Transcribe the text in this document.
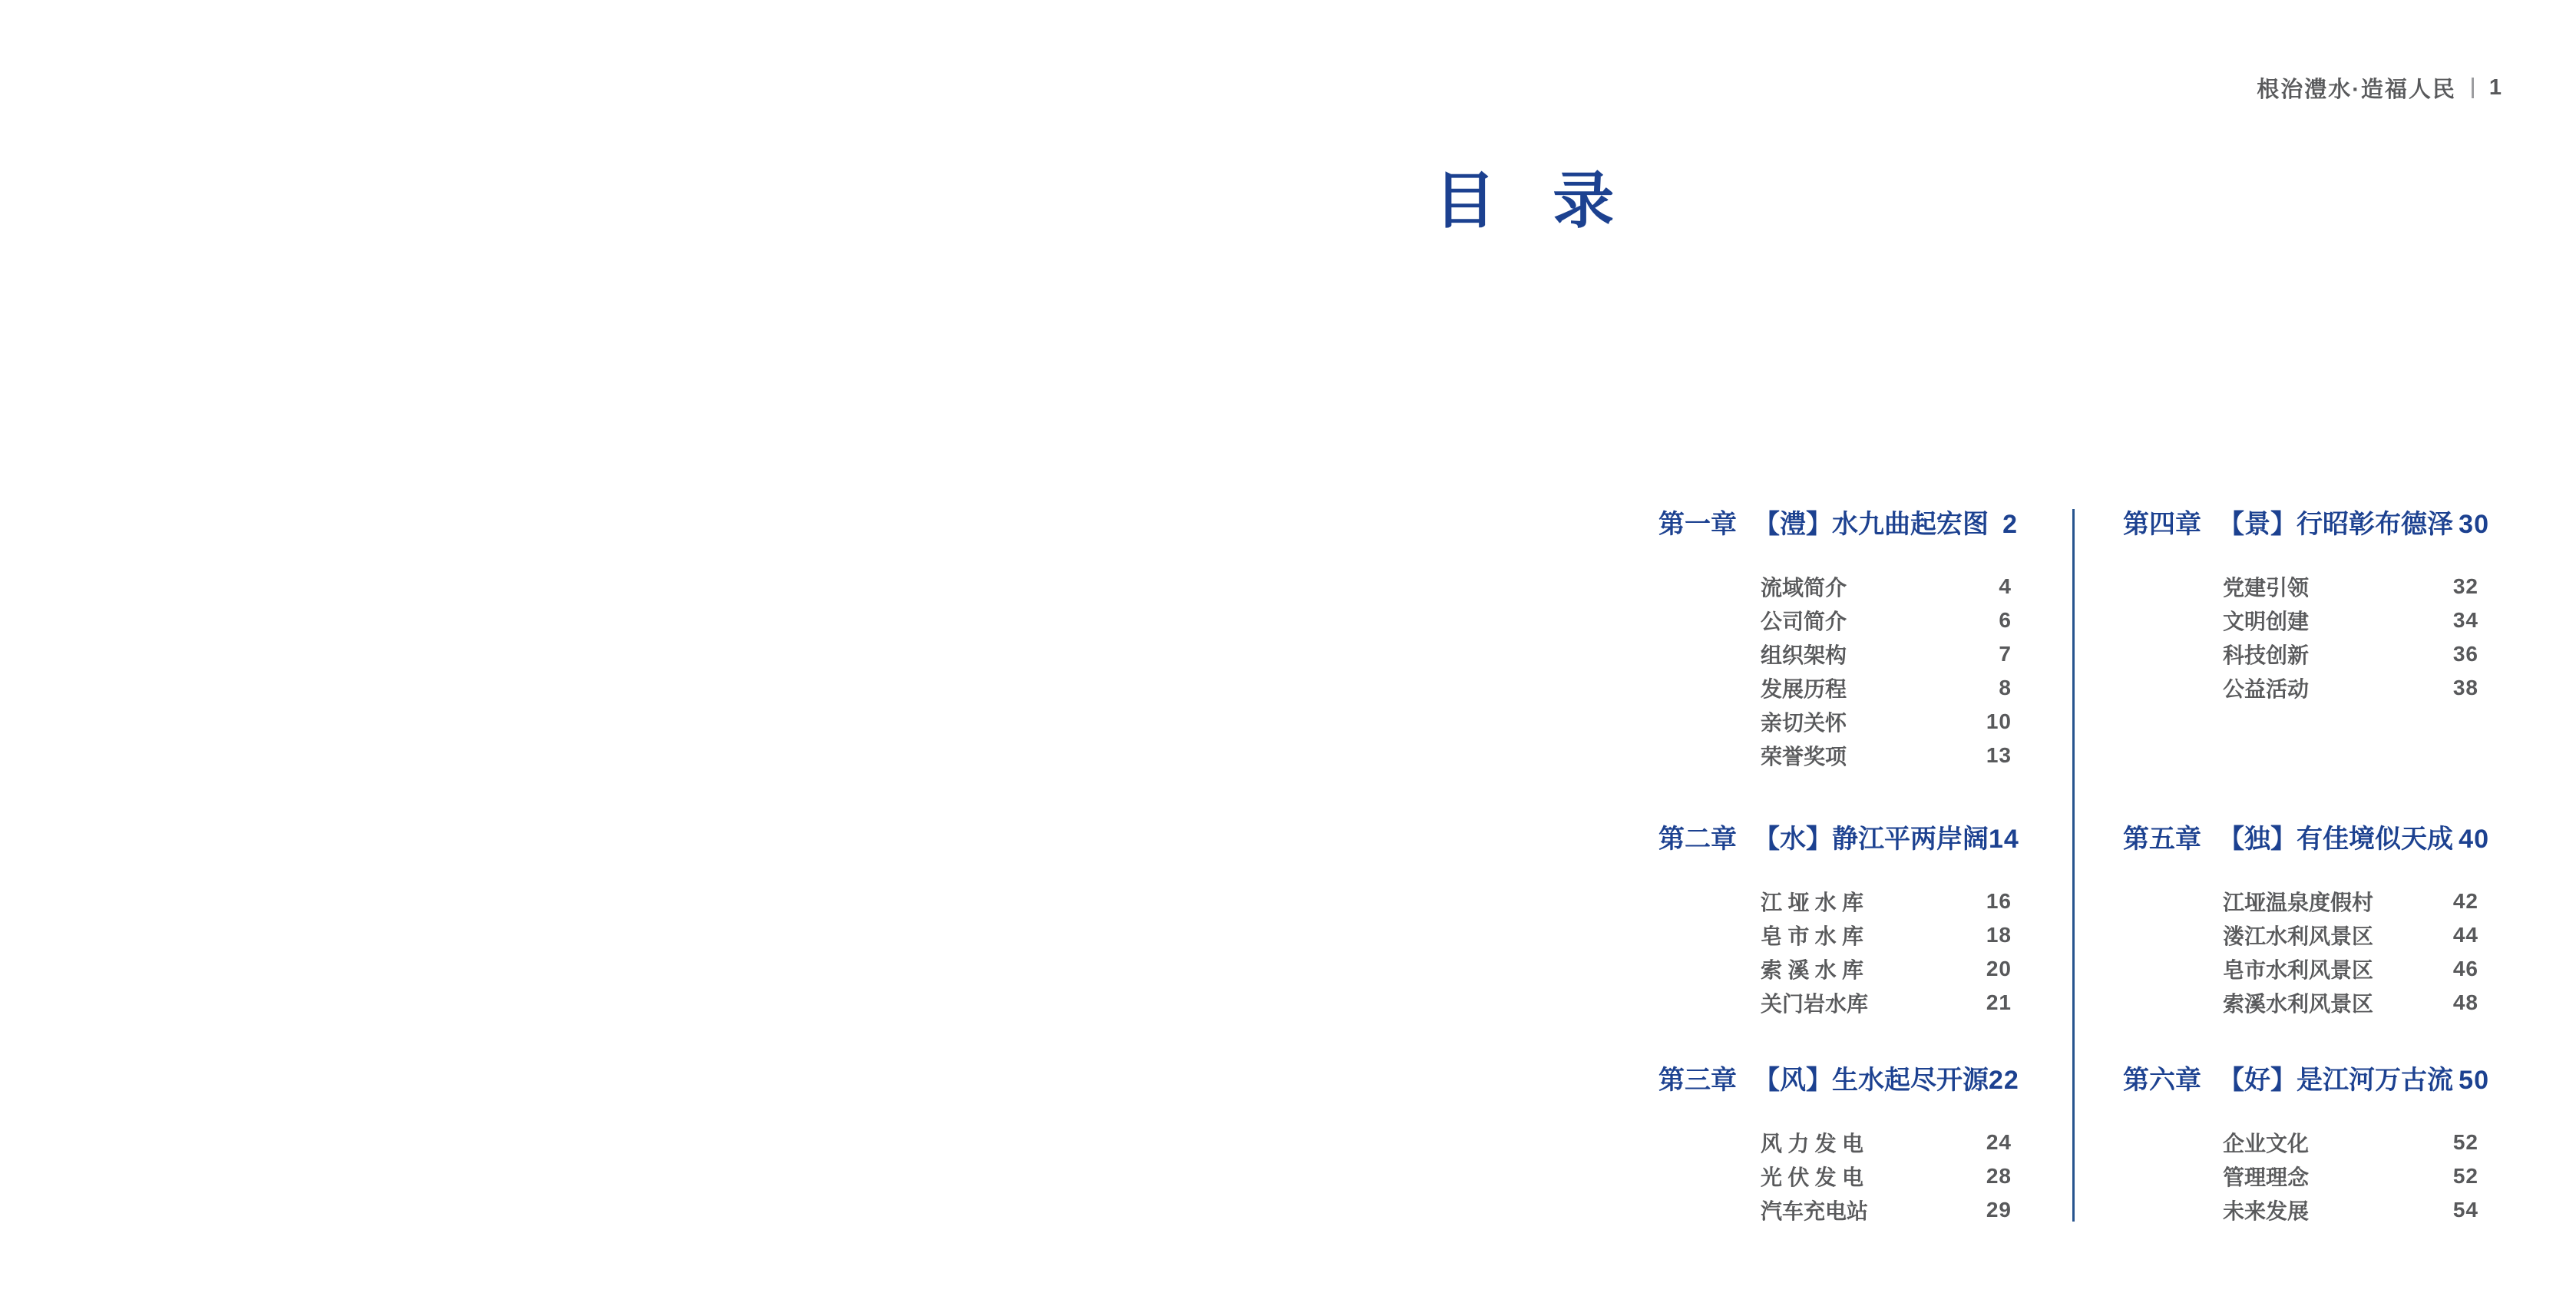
根治澧水·造福人民 1
目 录
第一章 【澧】水九曲起宏图 2
流域简介	4
公司简介	6
组织架构	7
发展历程	8
亲切关怀	10
荣誉奖项	13
第二章 【水】静江平两岸阔 14
江垭水库	16
皂市水库	18
索溪水库	20
关门岩水库	21
第三章 【风】生水起尽开源 22
风力发电	24
光伏发电	28
汽车充电站	29
第四章 【景】行昭彰布德泽 30
党建引领	32
文明创建	34
科技创新	36
公益活动	38
第五章 【独】有佳境似天成 40
江垭温泉度假村	42
溇江水利风景区	44
皂市水利风景区	46
索溪水利风景区	48
第六章 【好】是江河万古流 50
企业文化	52
管理理念	52
未来发展	54
